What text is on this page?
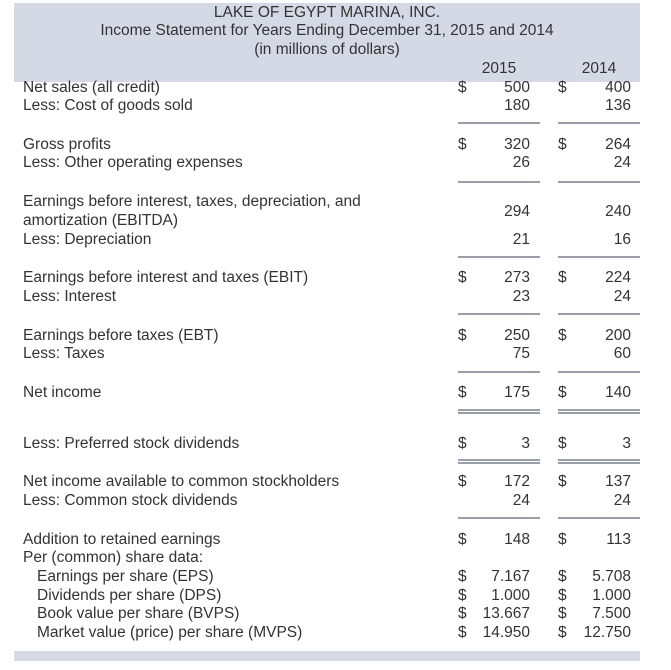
LAKE OF EGYPT MARINA, INC.
Income Statement for Years Ending December 31, 2015 and 2014
(in millions of dollars)
2015	2014
Net sales (all credit)	$ 500 $ 400
Less: Cost of goods sold	180	136
Gross profits	$ 320 $ 264
Less: Other operating expenses	26	24
Earnings before interest, taxes, depreciation, and
amortization (EBITDA)
294	240
Less: Depreciation	21	16
Earnings before interest and taxes (EBIT)	$ 273 $ 224
Less: Interest	23	24
Earnings before taxes (EBT)	$ 250 $ 200
Less: Taxes	75	60
Net income	$ 175 $ 140
Less: Preferred stock dividends	$	3 $	3
Net income available to common stockholders	$ 172 $ 137
Less: Common stock dividends	24	24
Addition to retained earnings	$ 148 $	113
Per (common) share data:
Earnings per share (EPS)	$ 7.167 $ 5.708
Dividends per share (DPS)	$ 1.000 $ 1.000
Book value per share (BVPS)	$ 13.667 $ 7.500
Market value (price) per share (MVPS)	$ 14.950 $ 12.750
